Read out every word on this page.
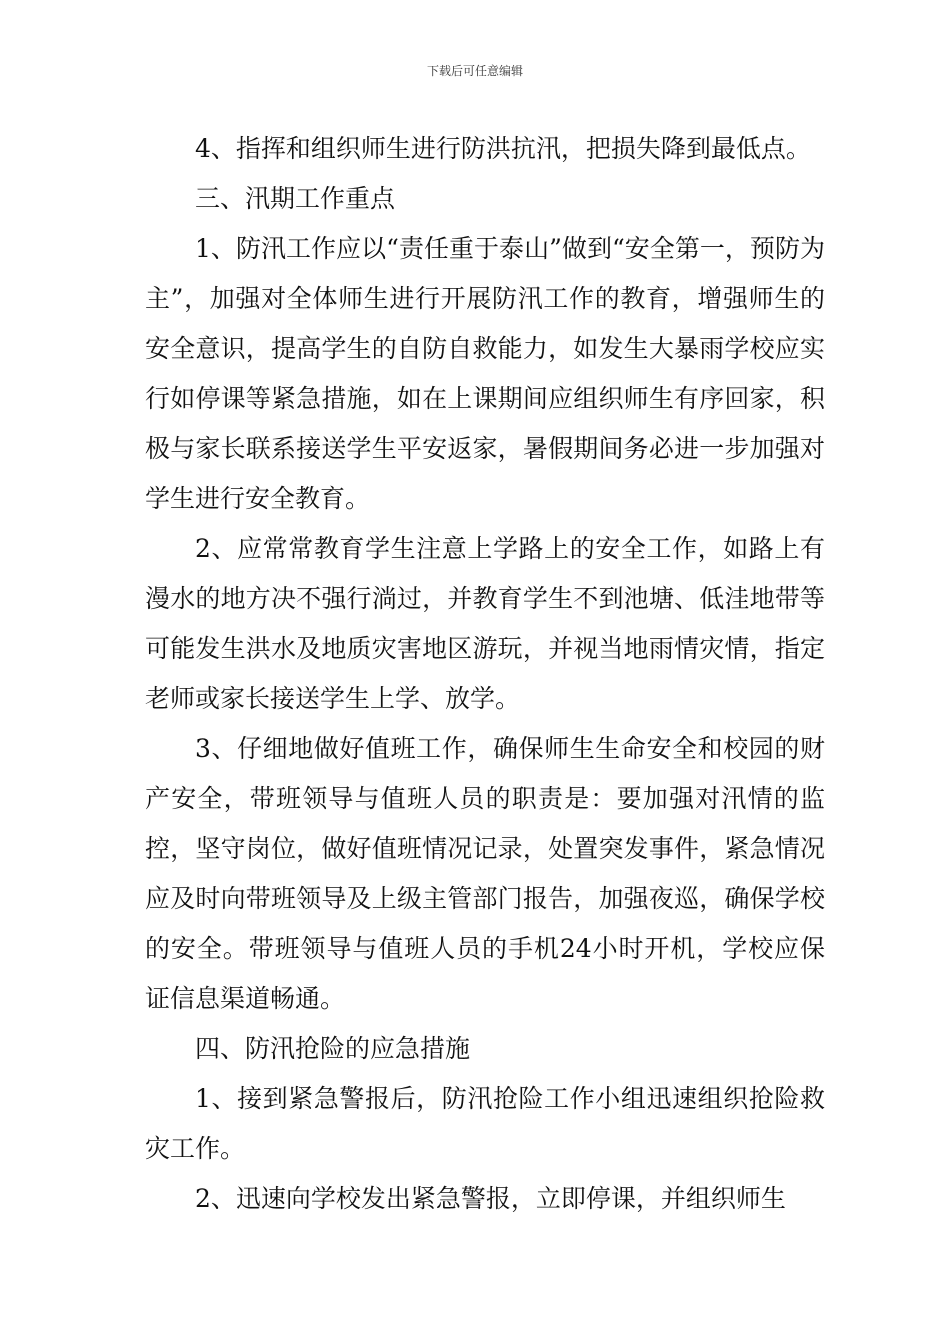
下载后可任意编辑

4、指挥和组织师生进行防洪抗汛，把损失降到最低点。

三、汛期工作重点

1、防汛工作应以“责任重于泰山”做到“安全第一，预防为主”，加强对全体师生进行开展防汛工作的教育，增强师生的安全意识，提高学生的自防自救能力，如发生大暴雨学校应实行如停课等紧急措施，如在上课期间应组织师生有序回家，积极与家长联系接送学生平安返家，暑假期间务必进一步加强对学生进行安全教育。

2、应常常教育学生注意上学路上的安全工作，如路上有漫水的地方决不强行淌过，并教育学生不到池塘、低洼地带等可能发生洪水及地质灾害地区游玩，并视当地雨情灾情，指定老师或家长接送学生上学、放学。

3、仔细地做好值班工作，确保师生生命安全和校园的财产安全，带班领导与值班人员的职责是：要加强对汛情的监控，坚守岗位，做好值班情况记录，处置突发事件，紧急情况应及时向带班领导及上级主管部门报告，加强夜巡，确保学校的安全。带班领导与值班人员的手机24小时开机，学校应保证信息渠道畅通。

四、防汛抢险的应急措施

1、接到紧急警报后，防汛抢险工作小组迅速组织抢险救灾工作。

2、迅速向学校发出紧急警报，立即停课，并组织师生
